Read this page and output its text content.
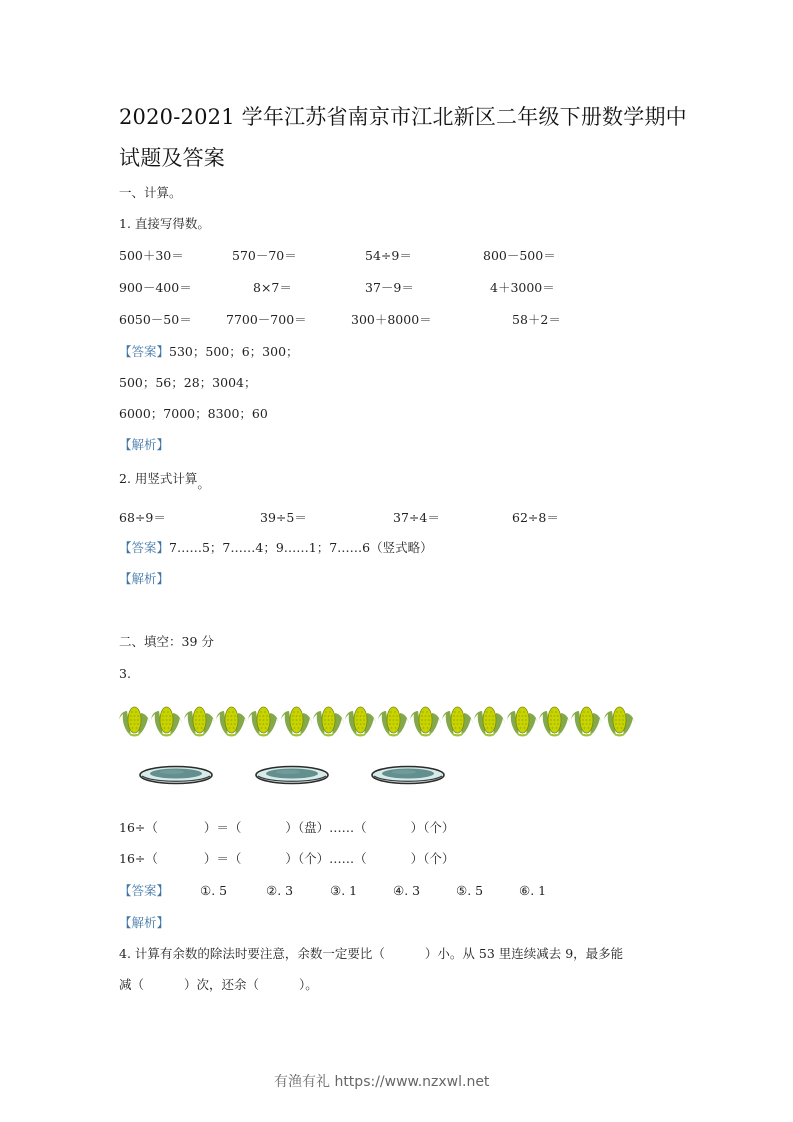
2020-2021 学年江苏省南京市江北新区二年级下册数学期中
试题及答案
一、计算。
1. 直接写得数。
500＋30＝	570－70＝	54÷9＝	800－500＝
900－400＝	8×7＝	37－9＝	4＋3000＝
6050－50＝	7700－700＝	300＋8000＝	58＋2＝
【答案】530；500；6；300；
500；56；28；3004；
6000；7000；8300；60
【解析】
2. 用竖式计算。
68÷9＝	39÷5＝	37÷4＝	62÷8＝
【答案】7……5；7……4；9……1；7……6（竖式略）
【解析】
二、填空：39 分
3.
16÷（	）＝（	）（盘）……（	）（个）
16÷（	）＝（	）（个）……（	）（个）
【答案】 ①. 5	②. 3	③. 1	④. 3	⑤. 5	⑥. 1
【解析】
4. 计算有余数的除法时要注意，余数一定要比（	）小。从 53 里连续减去 9，最多能
减（	）次，还余（	）。
有渔有礼 https://www.nzxwl.net
